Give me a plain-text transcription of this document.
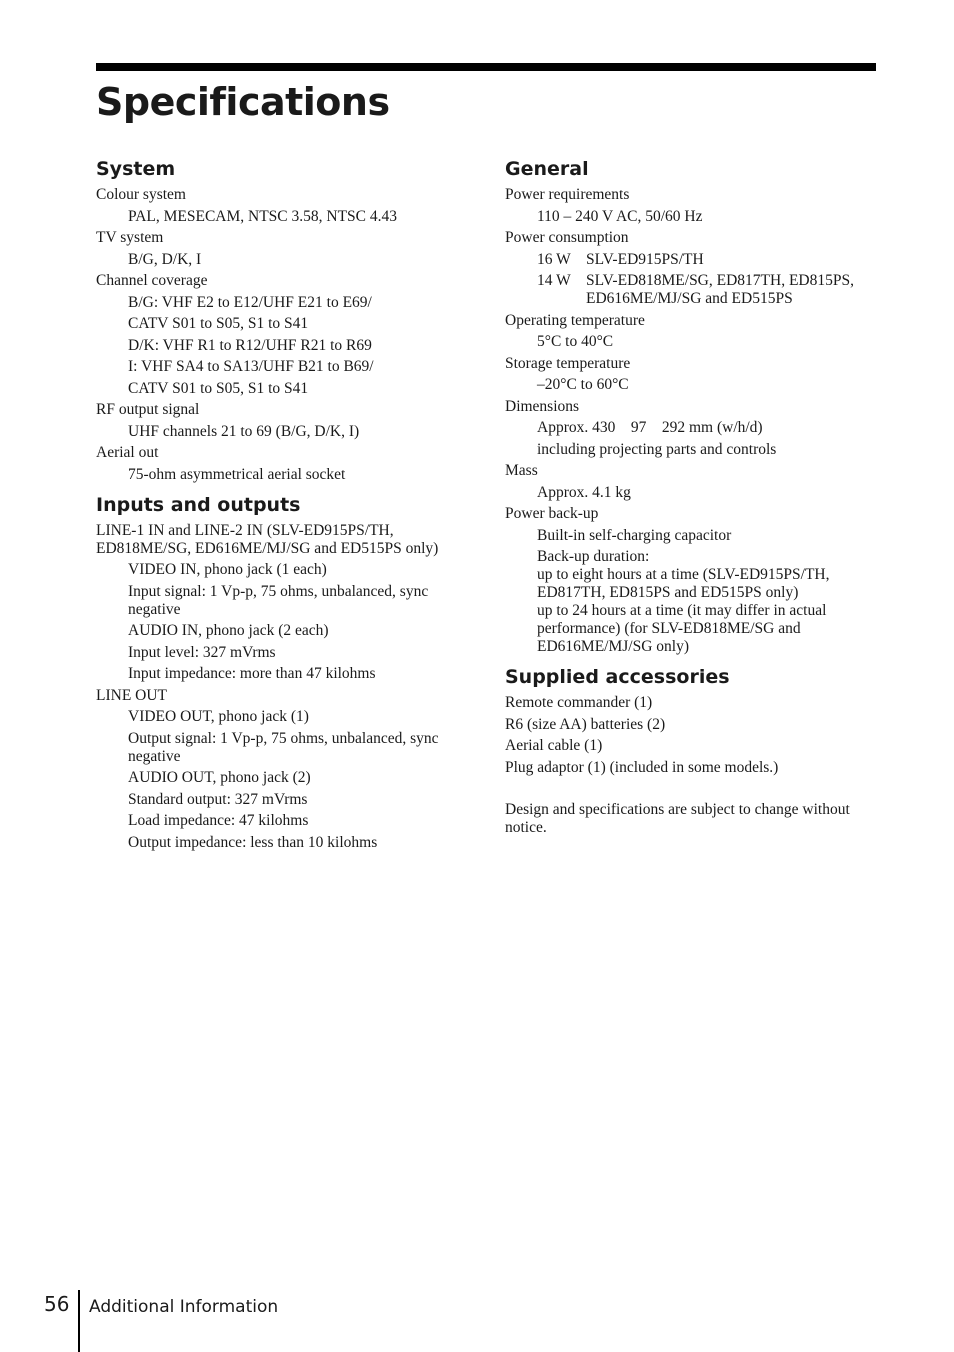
Specifications
System

Colour system

PAL, MESECAM, NTSC 3.58, NTSC 4.43

TV system

B/G, D/K, I

Channel coverage

B/G: VHF E2 to E12/UHF E21 to E69/

CATV S01 to S05, S1 to S41

D/K: VHF R1 to R12/UHF R21 to R69

I: VHF SA4 to SA13/UHF B21 to B69/

CATV S01 to S05, S1 to S41

RF output signal

UHF channels 21 to 69 (B/G, D/K, I)

Aerial out

75-ohm asymmetrical aerial socket

Inputs and outputs

LINE-1 IN and LINE-2 IN (SLV-ED915PS/TH, ED818ME/SG, ED616ME/MJ/SG and ED515PS only)

VIDEO IN, phono jack (1 each)

Input signal: 1 Vp-p, 75 ohms, unbalanced, sync negative

AUDIO IN, phono jack (2 each)

Input level: 327 mVrms

Input impedance: more than 47 kilohms

LINE OUT

VIDEO OUT, phono jack (1)

Output signal: 1 Vp-p, 75 ohms, unbalanced, sync negative

AUDIO OUT, phono jack (2)

Standard output: 327 mVrms

Load impedance: 47 kilohms

Output impedance: less than 10 kilohms

General

Power requirements

110 – 240 V AC, 50/60 Hz

Power consumption

16 W SLV-ED915PS/TH
14 W SLV-ED818ME/SG, ED817TH, ED815PS, ED616ME/MJ/SG and ED515PS

Operating temperature

5°C to 40°C

Storage temperature

–20°C to 60°C

Dimensions

Approx. 430    97    292 mm (w/h/d)

including projecting parts and controls

Mass

Approx. 4.1 kg

Power back-up

Built-in self-charging capacitor

Back-up duration:

up to eight hours at a time (SLV-ED915PS/TH, ED817TH, ED815PS and ED515PS only)

up to 24 hours at a time (it may differ in actual performance) (for SLV-ED818ME/SG and ED616ME/MJ/SG only)

Supplied accessories

Remote commander (1)

R6 (size AA) batteries (2)

Aerial cable (1)

Plug adaptor (1) (included in some models.)

Design and specifications are subject to change without notice.

56 Additional Information
